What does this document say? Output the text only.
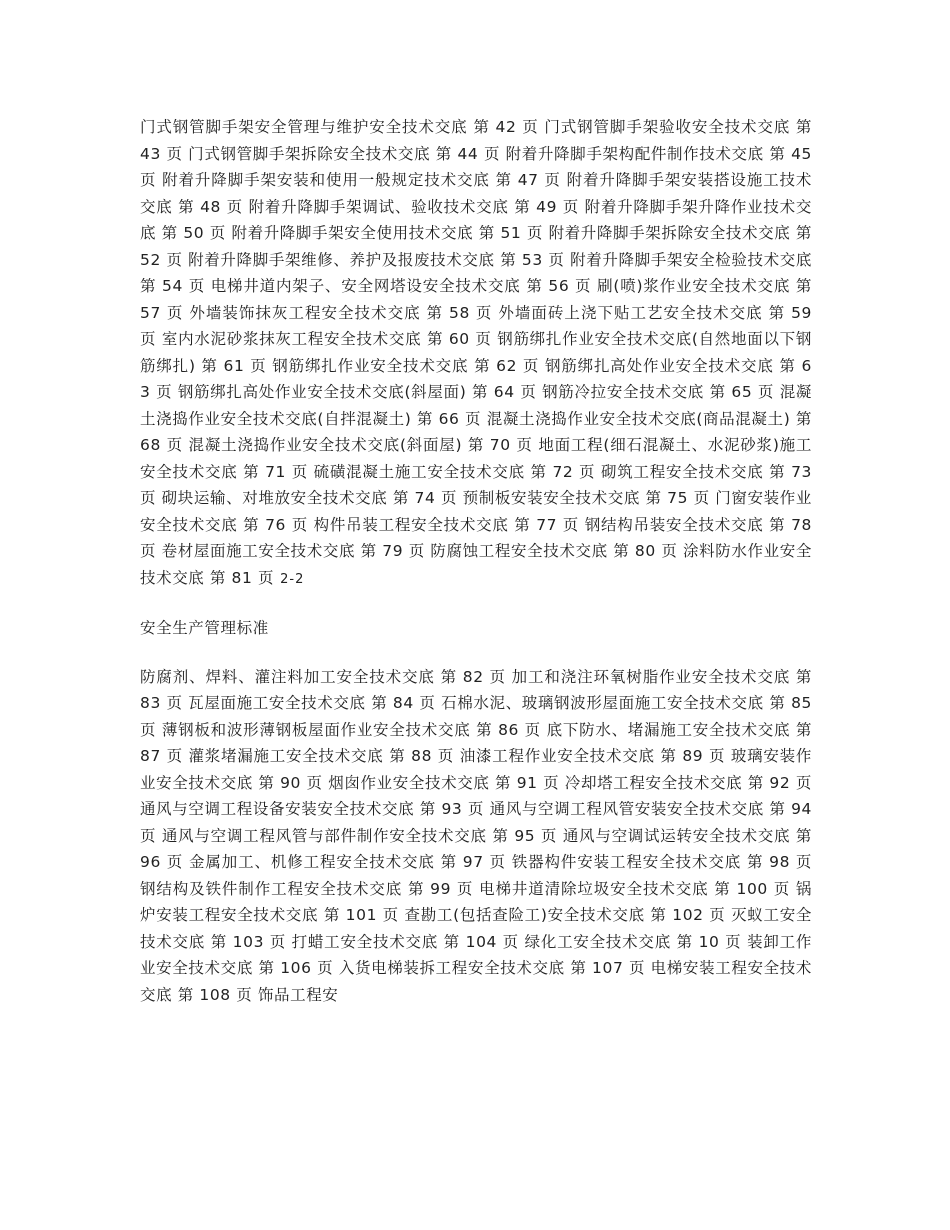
门式钢管脚手架安全管理与维护安全技术交底 第 42 页 门式钢管脚手架验收安全技术交底 第 43 页 门式钢管脚手架拆除安全技术交底 第 44 页 附着升降脚手架构配件制作技术交底 第 45 页 附着升降脚手架安装和使用一般规定技术交底 第 47 页 附着升降脚手架安装搭设施工技术交底 第 48 页 附着升降脚手架调试、验收技术交底 第 49 页 附着升降脚手架升降作业技术交底 第 50 页 附着升降脚手架安全使用技术交底 第 51 页 附着升降脚手架拆除安全技术交底 第 52 页 附着升降脚手架维修、养护及报废技术交底 第 53 页 附着升降脚手架安全检验技术交底 第 54 页 电梯井道内架子、安全网塔设安全技术交底 第 56 页 刷(喷)浆作业安全技术交底 第 57 页 外墙装饰抹灰工程安全技术交底 第 58 页 外墙面砖上浇下贴工艺安全技术交底 第 59 页 室内水泥砂浆抹灰工程安全技术交底 第 60 页 钢筋绑扎作业安全技术交底(自然地面以下钢筋绑扎) 第 61 页 钢筋绑扎作业安全技术交底 第 62 页 钢筋绑扎高处作业安全技术交底 第 63 页 钢筋绑扎高处作业安全技术交底(斜屋面) 第 64 页 钢筋冷拉安全技术交底 第 65 页 混凝土浇捣作业安全技术交底(自拌混凝土) 第 66 页 混凝土浇捣作业安全技术交底(商品混凝土) 第 68 页 混凝土浇捣作业安全技术交底(斜面屋) 第 70 页 地面工程(细石混凝土、水泥砂浆)施工安全技术交底 第 71 页 硫磺混凝土施工安全技术交底 第 72 页 砌筑工程安全技术交底 第 73 页 砌块运输、对堆放安全技术交底 第 74 页 预制板安装安全技术交底 第 75 页 门窗安装作业安全技术交底 第 76 页 构件吊装工程安全技术交底 第 77 页 钢结构吊装安全技术交底 第 78 页 卷材屋面施工安全技术交底 第 79 页 防腐蚀工程安全技术交底 第 80 页 涂料防水作业安全技术交底 第 81 页 2-2

安全生产管理标准

防腐剂、焊料、灌注料加工安全技术交底 第 82 页 加工和浇注环氧树脂作业安全技术交底 第 83 页 瓦屋面施工安全技术交底 第 84 页 石棉水泥、玻璃钢波形屋面施工安全技术交底 第 85 页 薄钢板和波形薄钢板屋面作业安全技术交底 第 86 页 底下防水、堵漏施工安全技术交底 第 87 页 灌浆堵漏施工安全技术交底 第 88 页 油漆工程作业安全技术交底 第 89 页 玻璃安装作业安全技术交底 第 90 页 烟囱作业安全技术交底 第 91 页 冷却塔工程安全技术交底 第 92 页 通风与空调工程设备安装安全技术交底 第 93 页 通风与空调工程风管安装安全技术交底 第 94 页 通风与空调工程风管与部件制作安全技术交底 第 95 页 通风与空调试运转安全技术交底 第 96 页 金属加工、机修工程安全技术交底 第 97 页 铁器构件安装工程安全技术交底 第 98 页 钢结构及铁件制作工程安全技术交底 第 99 页 电梯井道清除垃圾安全技术交底 第 100 页 锅炉安装工程安全技术交底 第 101 页 查勘工(包括查险工)安全技术交底 第 102 页 灭蚁工安全技术交底 第 103 页 打蜡工安全技术交底 第 104 页 绿化工安全技术交底 第 10 页 装卸工作业安全技术交底 第 106 页 入货电梯装拆工程安全技术交底 第 107 页 电梯安装工程安全技术交底 第 108 页 饰品工程安
